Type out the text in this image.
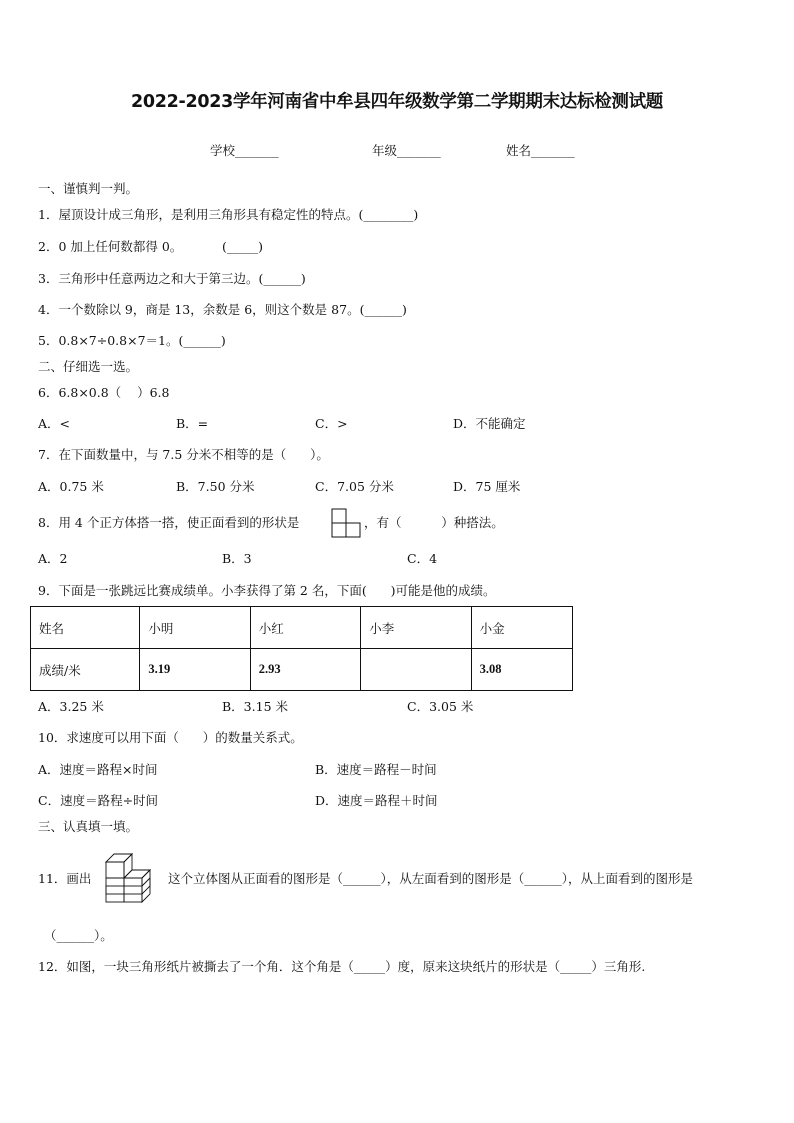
2022-2023学年河南省中牟县四年级数学第二学期期末达标检测试题
学校_______	年级_______	姓名_______
一、谨慎判一判。
1．屋顶设计成三角形，是利用三角形具有稳定性的特点。(________)
2．0 加上任何数都得 0。          (_____)
3．三角形中任意两边之和大于第三边。(______)
4．一个数除以 9，商是 13，余数是 6，则这个数是 87。(______)
5．0.8×7÷0.8×7＝1。(______)
二、仔细选一选。
6．6.8×0.8（    ）6.8
A．<	B．=	C．>	D．不能确定
7．在下面数量中，与 7.5 分米不相等的是（      ）。
A．0.75 米	B．7.50 分米	C．7.05 分米	D．75 厘米
8．用 4 个正方体搭一搭，使正面看到的形状是	，有（          ）种搭法。
A．2	B．3	C．4
9．下面是一张跳远比赛成绩单。小李获得了第 2 名，下面(      )可能是他的成绩。
姓名	小明	小红	小李	小金
成绩/米	3.19	2.93		3.08
A．3.25 米	B．3.15 米	C．3.05 米
10．求速度可以用下面（      ）的数量关系式。
A．速度＝路程×时间	B．速度＝路程－时间
C．速度＝路程÷时间	D．速度＝路程＋时间
三、认真填一填。
11．画出	这个立体图从正面看的图形是（______），从左面看到的图形是（______），从上面看到的图形是
（______）。
12．如图，一块三角形纸片被撕去了一个角．这个角是（_____）度，原来这块纸片的形状是（_____）三角形.
